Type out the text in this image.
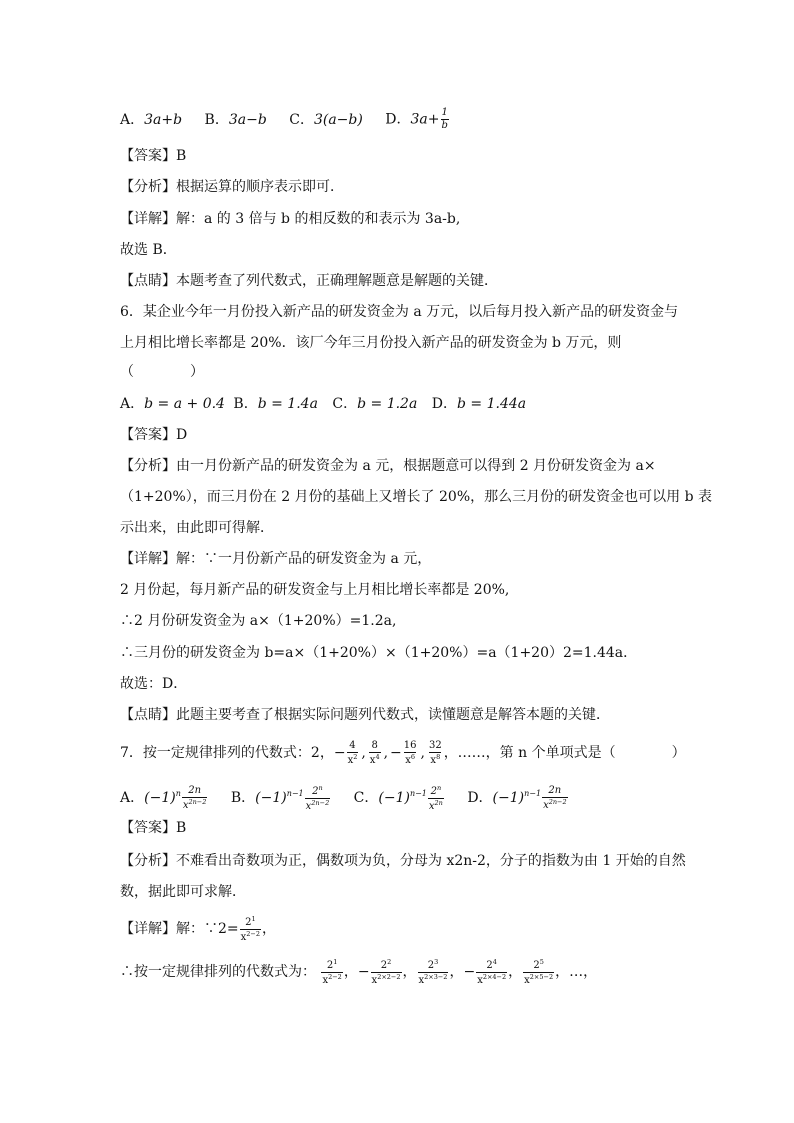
A．3a+b B．3a−b C．3(a−b) D．$3a+ \frac{1}{b}$
【答案】B
【分析】根据运算的顺序表示即可．
【详解】解：a 的 3 倍与 b 的相反数的和表示为 3a-b,
故选 B．
【点睛】本题考查了列代数式，正确理解题意是解题的关键．
6．某企业今年一月份投入新产品的研发资金为 a 万元，以后每月投入新产品的研发资金与
上月相比增长率都是 20%．该厂今年三月份投入新产品的研发资金为 b 万元，则
（　　　　）
A．b = a + 0.4 B．b = 1.4a C．b = 1.2a D．b = 1.44a
【答案】D
【分析】由一月份新产品的研发资金为 a 元，根据题意可以得到 2 月份研发资金为 a×
（1+20%），而三月份在 2 月份的基础上又增长了 20%，那么三月份的研发资金也可以用 b 表
示出来，由此即可得解．
【详解】解：∵一月份新产品的研发资金为 a 元，
2 月份起，每月新产品的研发资金与上月相比增长率都是 20%,
∴2 月份研发资金为 a×（1+20%）=1.2a,
∴三月份的研发资金为 b=a×（1+20%）×（1+20%）=a（1+20）2=1.44a．
故选：D．
【点睛】此题主要考查了根据实际问题列代数式，读懂题意是解答本题的关键．
7．按一定规律排列的代数式：2，− $\frac{4}{x^2}$ , $\frac{8}{x^4}$ , − $\frac{16}{x^6}$ , $\frac{32}{x^8}$ ，……，第 n 个单项式是（　　　　）
A．$(-1)^n \frac{2n}{x^{2n-2}}$ B．$(-1)^{n-1} \frac{2^n}{x^{2n-2}}$ C．$(-1)^{n-1} \frac{2^n}{x^{2n}}$ D．$(-1)^{n-1} \frac{2n}{x^{2n-2}}$
【答案】B
【分析】不难看出奇数项为正，偶数项为负，分母为 x2n-2，分子的指数为由 1 开始的自然
数，据此即可求解．
【详解】解：∵2= $\frac{2^1}{x^{2-2}}$ ，
∴按一定规律排列的代数式为： $\frac{2^1}{x^{2-2}}$ ，− $\frac{2^2}{x^{2\times 2-2}}$ ， $\frac{2^3}{x^{2\times 3-2}}$ ，− $\frac{2^4}{x^{2\times 4-2}}$ ， $\frac{2^5}{x^{2\times 5-2}}$ ，…，
